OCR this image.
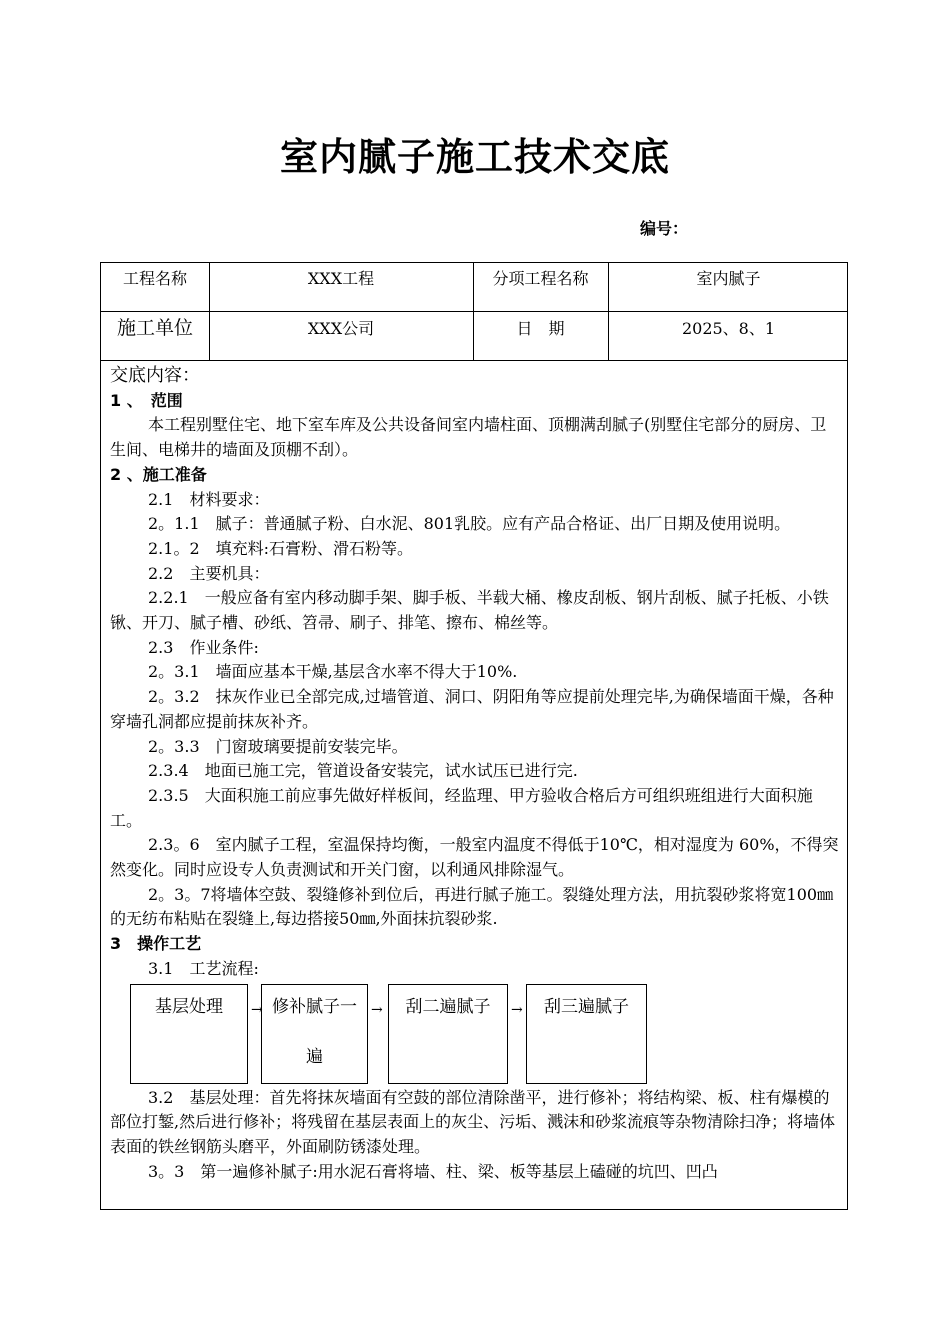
室内腻子施工技术交底
编号：
工程名称	XXX工程	分项工程名称	室内腻子
施工单位	XXX公司	日　期	2025、8、1

交底内容：

1 、　范围

本工程别墅住宅、地下室车库及公共设备间室内墙柱面、顶棚满刮腻子(别墅住宅部分的厨房、卫生间、电梯井的墙面及顶棚不刮）。

2 、施工准备

2.1　材料要求：

2。1.1　腻子：普通腻子粉、白水泥、801乳胶。应有产品合格证、出厂日期及使用说明。

2.1。2　填充料:石膏粉、滑石粉等。

2.2　主要机具：

2.2.1　一般应备有室内移动脚手架、脚手板、半载大桶、橡皮刮板、钢片刮板、腻子托板、小铁锹、开刀、腻子槽、砂纸、笤帚、刷子、排笔、擦布、棉丝等。

2.3　作业条件:

2。3.1　墙面应基本干燥,基层含水率不得大于10%.

2。3.2　抹灰作业已全部完成,过墙管道、洞口、阴阳角等应提前处理完毕,为确保墙面干燥，各种穿墙孔洞都应提前抹灰补齐。

2。3.3　门窗玻璃要提前安装完毕。

2.3.4　地面已施工完，管道设备安装完，试水试压已进行完.

2.3.5　大面积施工前应事先做好样板间，经监理、甲方验收合格后方可组织班组进行大面积施工。

2.3。6　室内腻子工程，室温保持均衡，一般室内温度不得低于10℃，相对湿度为 60%，不得突然变化。同时应设专人负责测试和开关门窗，以利通风排除湿气。

2。3。7将墙体空鼓、裂缝修补到位后，再进行腻子施工。裂缝处理方法，用抗裂砂浆将宽100㎜的无纺布粘贴在裂缝上,每边搭接50㎜,外面抹抗裂砂浆.

3　操作工艺

3.1　工艺流程:

基层处理	→ 修补腻子一
遍
→	刮二遍腻子	→	刮三遍腻子

3.2　基层处理：首先将抹灰墙面有空鼓的部位清除凿平，进行修补；将结构梁、板、柱有爆模的部位打錾,然后进行修补；将残留在基层表面上的灰尘、污垢、溅沫和砂浆流痕等杂物清除扫净；将墙体表面的铁丝钢筋头磨平，外面刷防锈漆处理。

3。3　第一遍修补腻子:用水泥石膏将墙、柱、梁、板等基层上磕碰的坑凹、凹凸
